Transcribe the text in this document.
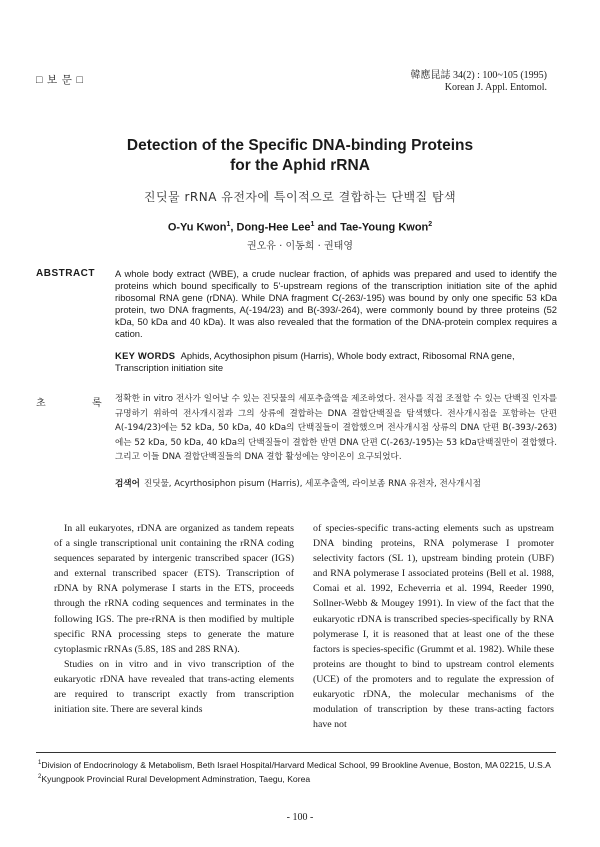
□ 보 문 □	韓應昆誌 34(2) : 100~105 (1995)
Korean J. Appl. Entomol.
Detection of the Specific DNA-binding Proteins
for the Aphid rRNA
진딧물 rRNA 유전자에 특이적으로 결합하는 단백질 탐색
O-Yu Kwon$^1$, Dong-Hee Lee$^1$ and Tae-Young Kwon$^2$
권오유 · 이동희 · 권태영
ABSTRACT A whole body extract (WBE), a crude nuclear fraction, of aphids was prepared and used to identify the proteins which bound specifically to 5'-upstream regions of the transcription initiation site of the aphid ribosomal RNA gene (rDNA). While DNA fragment C(-263/-195) was bound by only one specific 53 kDa protein, two DNA fragments, A(-194/23) and B(-393/-264), were commonly bound by three proteins (52 kDa, 50 kDa and 40 kDa). It was also revealed that the formation of the DNA-protein complex requires a cation.
KEY WORDS Aphids, Acythosiphon pisum (Harris), Whole body extract, Ribosomal RNA gene, Transcription initiation site
초	록 정확한 in vitro 전사가 일어날 수 있는 진딧물의 세포추출액을 제조하였다. 전사를 직접 조절할 수 있는 단백질 인자를 규명하기 위하여 전사개시점과 그의 상류에 결합하는 DNA 결합단백질을 탐색했다. 전사개시점을 포함하는 단편 A(-194/23)에는 52 kDa, 50 kDa, 40 kDa의 단백질들이 결합했으며 전사개시점 상류의 DNA 단편 B(-393/-263)에는 52 kDa, 50 kDa, 40 kDa의 단백질들이 결합한 반면 DNA 단편 C(-263/-195)는 53 kDa단백질만이 결합했다. 그리고 이들 DNA 결합단백질들의 DNA 결합 활성에는 양이온이 요구되었다.
검색어 진딧물, Acyrthosiphon pisum (Harris), 세포추출액, 라이보좀 RNA 유전자, 전사개시점

In all eukaryotes, rDNA are organized as tandem repeats of a single transcriptional unit containing the rRNA coding sequences separated by intergenic transcribed spacer (IGS) and external transcribed spacer (ETS). Transcription of rDNA by RNA polymerase I starts in the ETS, proceeds through the rRNA coding sequences and terminates in the following IGS. The pre-rRNA is then modified by multiple specific RNA processing steps to generate the mature cytoplasmic rRNAs (5.8S, 18S and 28S RNA).

Studies on in vitro and in vivo transcription of the eukaryotic rDNA have revealed that trans-acting elements are required to transcript exactly from transcription initiation site. There are several kinds

of species-specific trans-acting elements such as upstream DNA binding proteins, RNA polymerase I promoter selectivity factors (SL 1), upstream binding protein (UBF) and RNA polymerase I associated proteins (Bell et al. 1988, Comai et al. 1992, Echeverria et al. 1994, Reeder 1990, Sollner-Webb & Mougey 1991). In view of the fact that the eukaryotic rDNA is transcribed species-specifically by RNA polymerase I, it is reasoned that at least one of the these factors is species-specific (Grummt et al. 1982). While these proteins are thought to bind to upstream control elements (UCE) of the promoters and to regulate the expression of eukaryotic rDNA, the molecular mechanisms of the modulation of transcription by these trans-acting factors have not

$^1$Division of Endocrinology & Metabolism, Beth Israel Hospital/Harvard Medical School, 99 Brookline Avenue, Boston, MA 02215, U.S.A
$^2$Kyungpook Provincial Rural Development Adminstration, Taegu, Korea
- 100 -
